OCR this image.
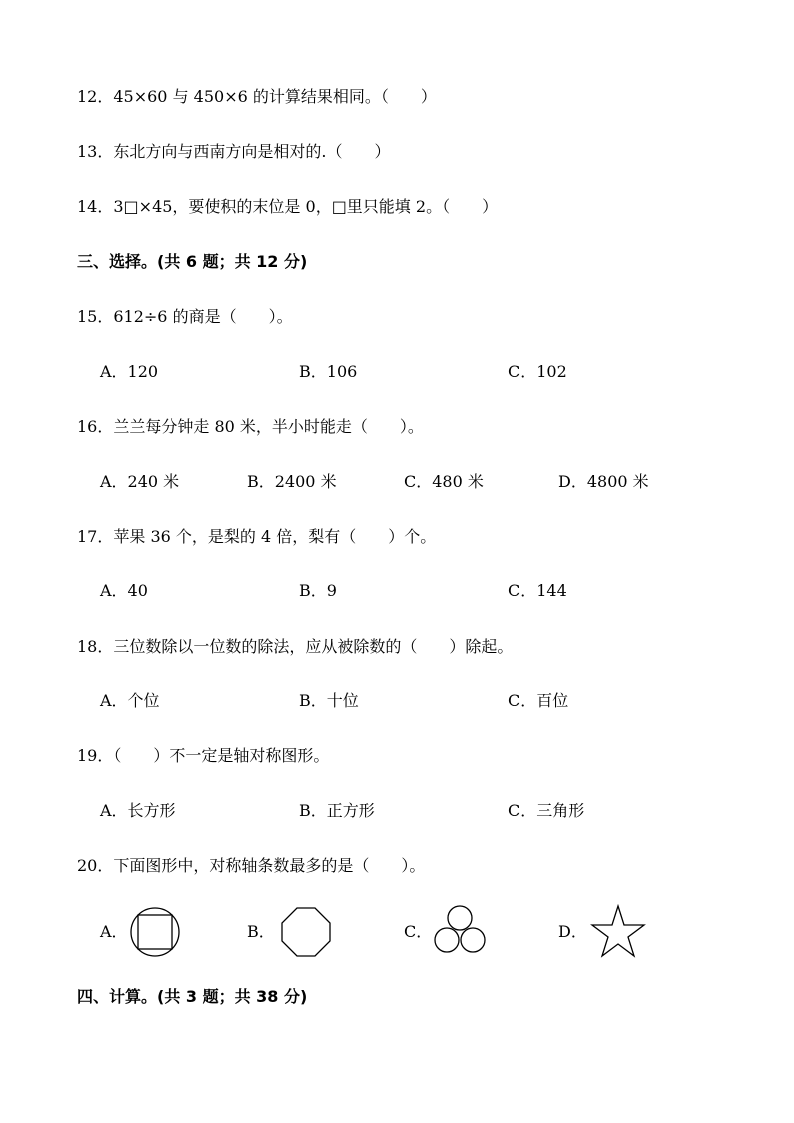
12．45×60 与 450×6 的计算结果相同。（　　）
13．东北方向与西南方向是相对的.（　　）
14．3□×45，要使积的末位是 0，□里只能填 2。（　　）
三、选择。(共 6 题；共 12 分)
15．612÷6 的商是（　　）。
A．120	B．106	C．102
16．兰兰每分钟走 80 米，半小时能走（　　）。
A．240 米	B．2400 米	C．480 米	D．4800 米
17．苹果 36 个，是梨的 4 倍，梨有（　　）个。
A．40	B．9	C．144
18．三位数除以一位数的除法，应从被除数的（　　）除起。
A．个位	B．十位	C．百位
19．（　　）不一定是轴对称图形。
A．长方形	B．正方形	C．三角形
20．下面图形中，对称轴条数最多的是（　　）。
A．	B．	C．	D．
四、计算。(共 3 题；共 38 分)
